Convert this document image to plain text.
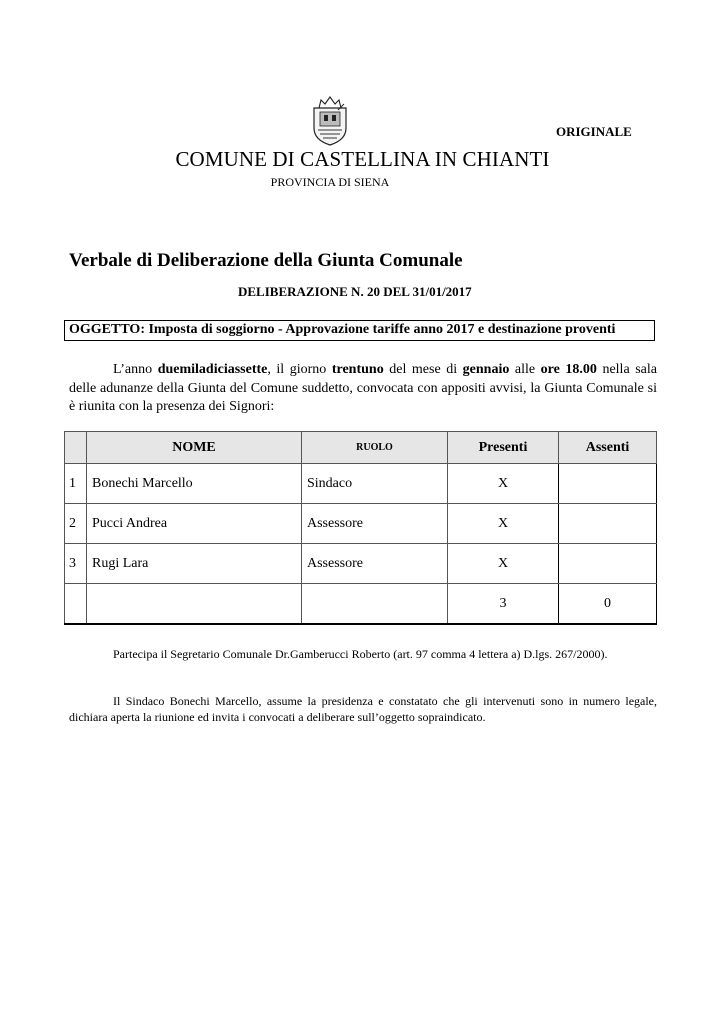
ORIGINALE
COMUNE DI CASTELLINA IN CHIANTI
PROVINCIA DI SIENA
Verbale di Deliberazione della Giunta Comunale
DELIBERAZIONE N. 20 DEL 31/01/2017
OGGETTO: Imposta di soggiorno - Approvazione tariffe anno 2017 e destinazione proventi

L’anno duemiladiciassette, il giorno trentuno del mese di gennaio alle ore 18.00 nella sala delle adunanze della Giunta del Comune suddetto, convocata con appositi avvisi, la Giunta Comunale si è riunita con la presenza dei Signori:

	NOME	RUOLO	Presenti	Assenti
1	Bonechi Marcello	Sindaco	X	
2	Pucci Andrea	Assessore	X	
3	Rugi Lara	Assessore	X	
			3	0

Partecipa il Segretario Comunale Dr.Gamberucci Roberto (art. 97 comma 4 lettera a) D.lgs. 267/2000).

Il Sindaco Bonechi Marcello, assume la presidenza e constatato che gli intervenuti sono in numero legale, dichiara aperta la riunione ed invita i convocati a deliberare sull’oggetto sopraindicato.
